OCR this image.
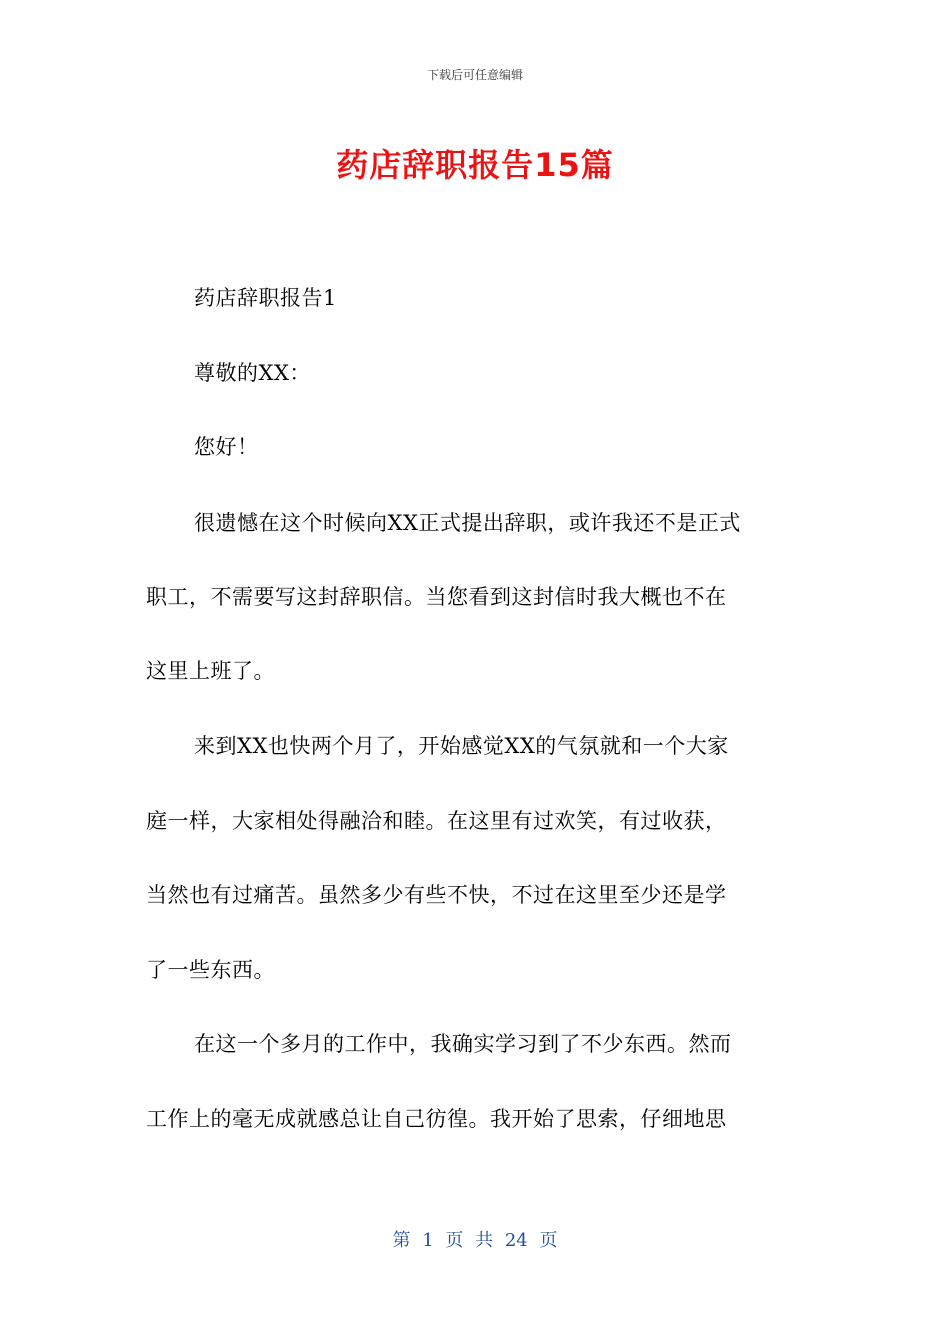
下载后可任意编辑
药店辞职报告15篇
药店辞职报告1
尊敬的XX：
您好！
很遗憾在这个时候向XX正式提出辞职，或许我还不是正式
职工，不需要写这封辞职信。当您看到这封信时我大概也不在
这里上班了。
来到XX也快两个月了，开始感觉XX的气氛就和一个大家
庭一样，大家相处得融洽和睦。在这里有过欢笑，有过收获，
当然也有过痛苦。虽然多少有些不快，不过在这里至少还是学
了一些东西。
在这一个多月的工作中，我确实学习到了不少东西。然而
工作上的毫无成就感总让自己彷徨。我开始了思索，仔细地思
第 1 页 共 24 页
